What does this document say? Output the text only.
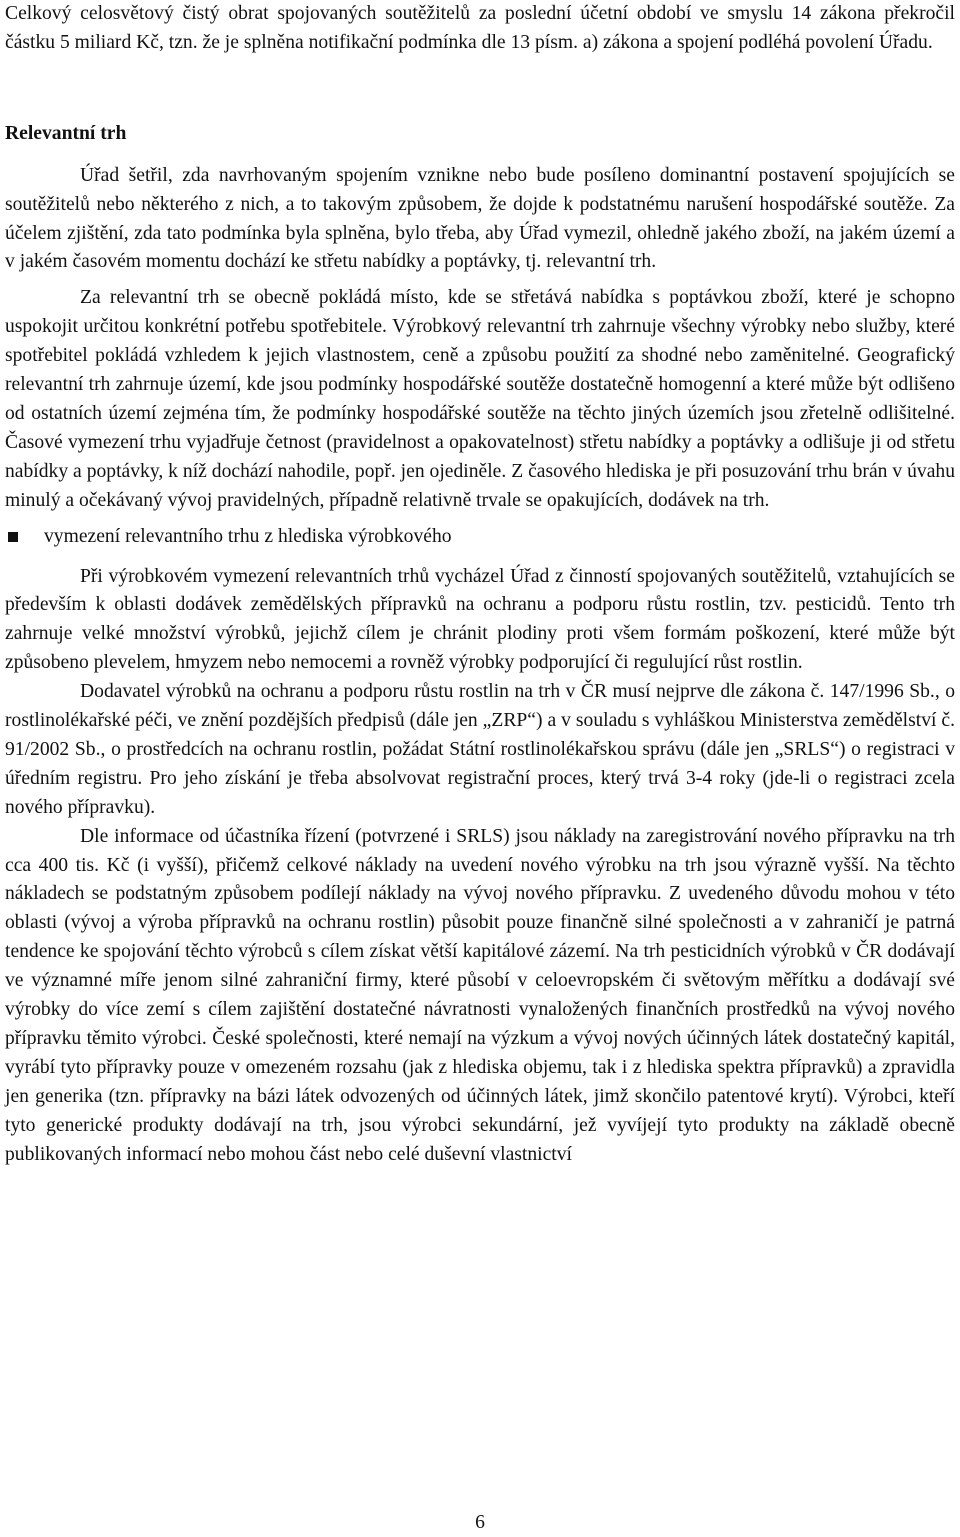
Celkový celosvětový čistý obrat spojovaných soutěžitelů za poslední účetní období ve smyslu 14 zákona překročil částku 5 miliard Kč, tzn. že je splněna notifikační podmínka dle 13 písm. a) zákona a spojení podléhá povolení Úřadu.

Relevantní trh

Úřad šetřil, zda navrhovaným spojením vznikne nebo bude posíleno dominantní postavení spojujících se soutěžitelů nebo některého z nich, a to takovým způsobem, že dojde k podstatnému narušení hospodářské soutěže. Za účelem zjištění, zda tato podmínka byla splněna, bylo třeba, aby Úřad vymezil, ohledně jakého zboží, na jakém území a v jakém časovém momentu dochází ke střetu nabídky a poptávky, tj. relevantní trh.

Za relevantní trh se obecně pokládá místo, kde se střetává nabídka s poptávkou zboží, které je schopno uspokojit určitou konkrétní potřebu spotřebitele. Výrobkový relevantní trh zahrnuje všechny výrobky nebo služby, které spotřebitel pokládá vzhledem k jejich vlastnostem, ceně a způsobu použití za shodné nebo zaměnitelné. Geografický relevantní trh zahrnuje území, kde jsou podmínky hospodářské soutěže dostatečně homogenní a které může být odlišeno od ostatních území zejména tím, že podmínky hospodářské soutěže na těchto jiných územích jsou zřetelně odlišitelné. Časové vymezení trhu vyjadřuje četnost (pravidelnost a opakovatelnost) střetu nabídky a poptávky a odlišuje ji od střetu nabídky a poptávky, k níž dochází nahodile, popř. jen ojediněle. Z časového hlediska je při posuzování trhu brán v úvahu minulý a očekávaný vývoj pravidelných, případně relativně trvale se opakujících, dodávek na trh.

vymezení relevantního trhu z hlediska výrobkového

Při výrobkovém vymezení relevantních trhů vycházel Úřad z činností spojovaných soutěžitelů, vztahujících se především k oblasti dodávek zemědělských přípravků na ochranu a podporu růstu rostlin, tzv. pesticidů. Tento trh zahrnuje velké množství výrobků, jejichž cílem je chránit plodiny proti všem formám poškození, které může být způsobeno plevelem, hmyzem nebo nemocemi a rovněž výrobky podporující či regulující růst rostlin.

Dodavatel výrobků na ochranu a podporu růstu rostlin na trh v ČR musí nejprve dle zákona č. 147/1996 Sb., o rostlinolékařské péči, ve znění pozdějších předpisů (dále jen „ZRP“) a v souladu s vyhláškou Ministerstva zemědělství č. 91/2002 Sb., o prostředcích na ochranu rostlin, požádat Státní rostlinolékařskou správu (dále jen „SRLS“) o registraci v úředním registru. Pro jeho získání je třeba absolvovat registrační proces, který trvá 3-4 roky (jde-li o registraci zcela nového přípravku).

Dle informace od účastníka řízení (potvrzené i SRLS) jsou náklady na zaregistrování nového přípravku na trh cca 400 tis. Kč (i vyšší), přičemž celkové náklady na uvedení nového výrobku na trh jsou výrazně vyšší. Na těchto nákladech se podstatným způsobem podílejí náklady na vývoj nového přípravku. Z uvedeného důvodu mohou v této oblasti (vývoj a výroba přípravků na ochranu rostlin) působit pouze finančně silné společnosti a v zahraničí je patrná tendence ke spojování těchto výrobců s cílem získat větší kapitálové zázemí. Na trh pesticidních výrobků v ČR dodávají ve významné míře jenom silné zahraniční firmy, které působí v celoevropském či světovým měřítku a dodávají své výrobky do více zemí s cílem zajištění dostatečné návratnosti vynaložených finančních prostředků na vývoj nového přípravku těmito výrobci. České společnosti, které nemají na výzkum a vývoj nových účinných látek dostatečný kapitál, vyrábí tyto přípravky pouze v omezeném rozsahu (jak z hlediska objemu, tak i z hlediska spektra přípravků) a zpravidla jen generika (tzn. přípravky na bázi látek odvozených od účinných látek, jimž skončilo patentové krytí). Výrobci, kteří tyto generické produkty dodávají na trh, jsou výrobci sekundární, jež vyvíjejí tyto produkty na základě obecně publikovaných informací nebo mohou část nebo celé duševní vlastnictví

6
